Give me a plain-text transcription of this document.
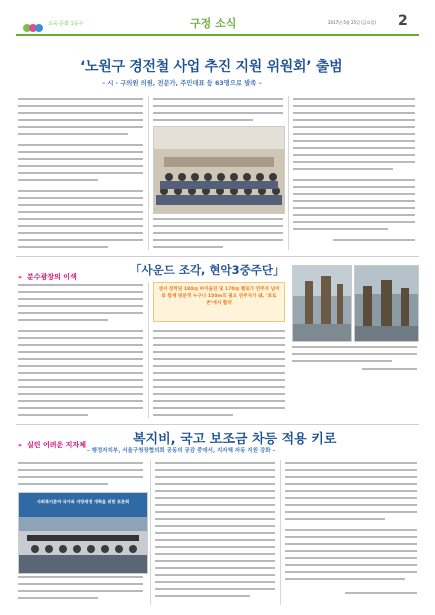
교육·문화 1등구	구정 소식	2017년 5월 25일 (금요일) 2
‘노원구 경전철 사업 추진 지원 위원회’ 출범
– 시 · 구의원 의원, 전문가, 주민대표 등 63명으로 발족 –
» 분수광장의 이색	「사운드 조각, 현악3중주단」
센서 장착된 180㎝ 바이올린 및 170㎝ 첼로가 연주자 넘어와 함께 방문객 누구나 150m의 필요 연주자가 돼, ‘포토존’에서 활약
» 실린 어려운 지자체	복지비, 국고 보조금 차등 적용 키로
– 행정자치부, 서울구청장협의회 공동의 공감 중에서, 지자체 자동 지원 강화 –
사회복지분야 국가와 지방재정 개혁을 위한 토론회
